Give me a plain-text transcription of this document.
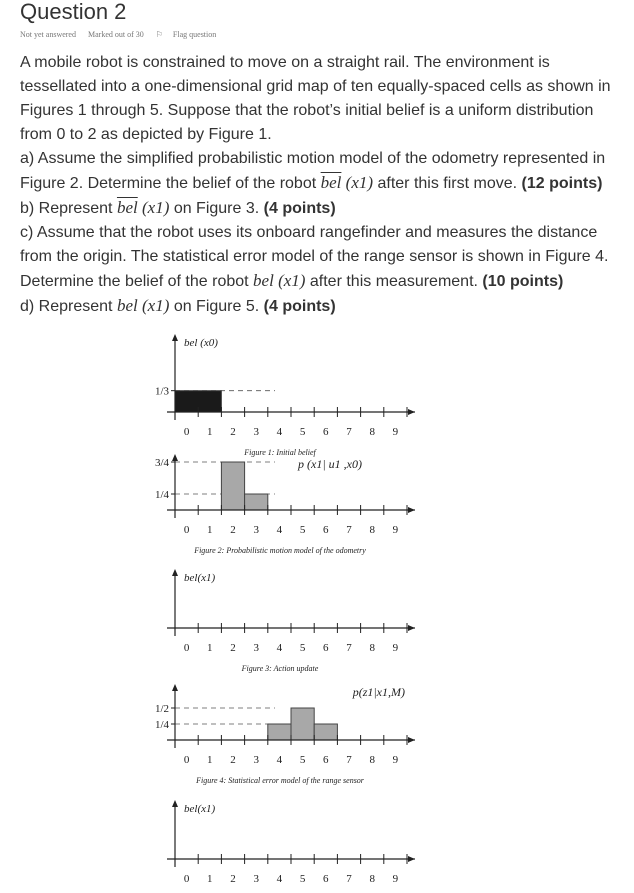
Question 2
Not yet answered Marked out of 30 ⚐ Flag question

A mobile robot is constrained to move on a straight rail. The environment is tessellated into a one-dimensional grid map of ten equally-spaced cells as shown in Figures 1 through 5. Suppose that the robot’s initial belief is a uniform distribution from 0 to 2 as depicted by Figure 1.

a) Assume the simplified probabilistic motion model of the odometry represented in Figure 2. Determine the belief of the robot $\overline{bel}$ (x1) after this first move. (12 points)

b) Represent $\overline{bel}$ (x1) on Figure 3. (4 points)

c) Assume that the robot uses its onboard rangefinder and measures the distance from the origin. The statistical error model of the range sensor is shown in Figure 4. Determine the belief of the robot bel (x1) after this measurement. (10 points)

d) Represent bel (x1) on Figure 5. (4 points)

0 1 2 3 4 5 6 7 8 9
1/3
bel (x0)
Figure 1: Initial belief
0 1 2 3 4 5 6 7 8 9
3/4
1/4
p (x1| u1 ,x0)
Figure 2: Probabilistic motion model of the odometry
0 1 2 3 4 5 6 7 8 9
bel(x1)
Figure 3: Action update
0 1 2 3 4 5 6 7 8 9
1/2
1/4
p(z1|x1,M)
Figure 4: Statistical error model of the range sensor
0 1 2 3 4 5 6 7 8 9
bel(x1)
